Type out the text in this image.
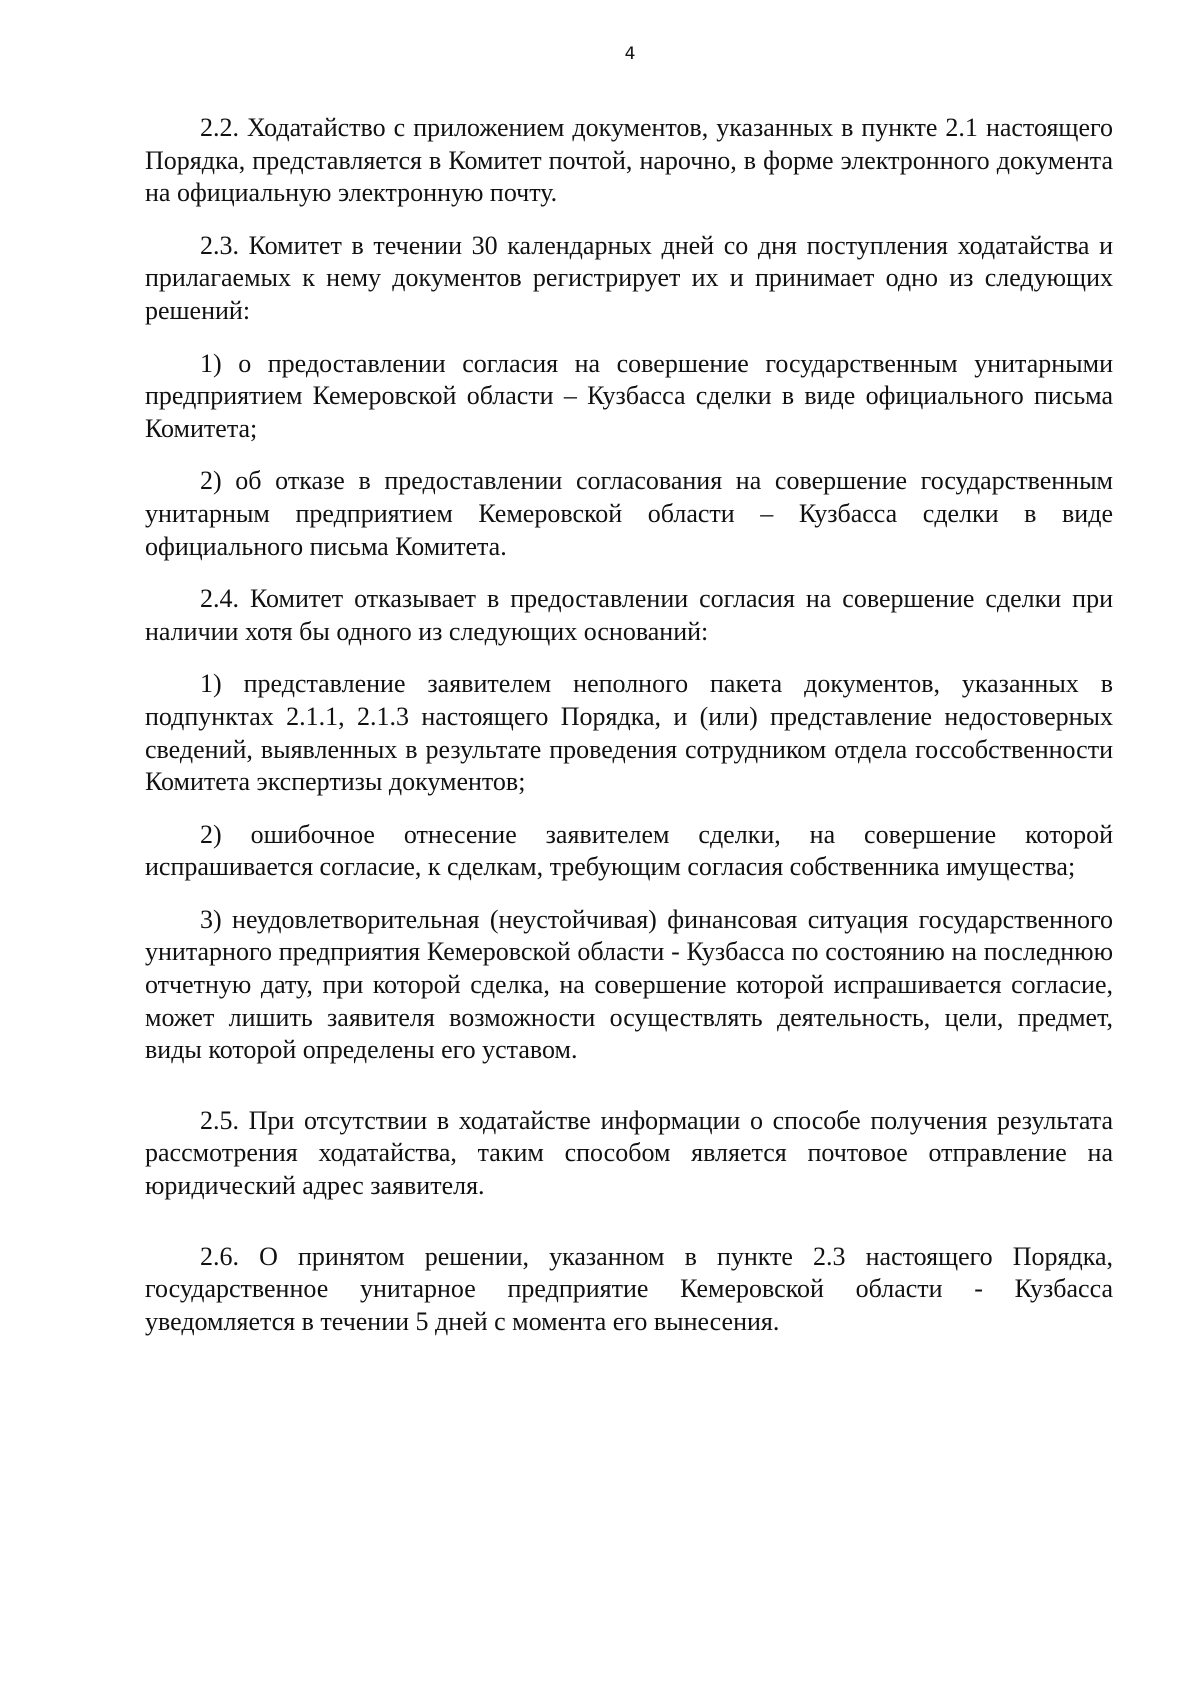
4

2.2. Ходатайство с приложением документов, указанных в пункте 2.1 настоящего Порядка, представляется в Комитет почтой, нарочно, в форме электронного документа на официальную электронную почту.

2.3. Комитет в течении 30 календарных дней со дня поступления ходатайства и прилагаемых к нему документов регистрирует их и принимает одно из следующих решений:

1) о предоставлении согласия на совершение государственным унитарными предприятием Кемеровской области – Кузбасса сделки в виде официального письма Комитета;

2) об отказе в предоставлении согласования на совершение государственным унитарным предприятием Кемеровской области – Кузбасса сделки в виде официального письма Комитета.

2.4. Комитет отказывает в предоставлении согласия на совершение сделки при наличии хотя бы одного из следующих оснований:

1) представление заявителем неполного пакета документов, указанных в подпунктах 2.1.1, 2.1.3 настоящего Порядка, и (или) представление недостоверных сведений, выявленных в результате проведения сотрудником отдела госсобственности Комитета экспертизы документов;

2) ошибочное отнесение заявителем сделки, на совершение которой испрашивается согласие, к сделкам, требующим согласия собственника имущества;

3) неудовлетворительная (неустойчивая) финансовая ситуация государственного унитарного предприятия Кемеровской области - Кузбасса по состоянию на последнюю отчетную дату, при которой сделка, на совершение которой испрашивается согласие, может лишить заявителя возможности осуществлять деятельность, цели, предмет, виды которой определены его уставом.

2.5. При отсутствии в ходатайстве информации о способе получения результата рассмотрения ходатайства, таким способом является почтовое отправление на юридический адрес заявителя.

2.6. О принятом решении, указанном в пункте 2.3 настоящего Порядка, государственное унитарное предприятие Кемеровской области - Кузбасса уведомляется в течении 5 дней с момента его вынесения.
